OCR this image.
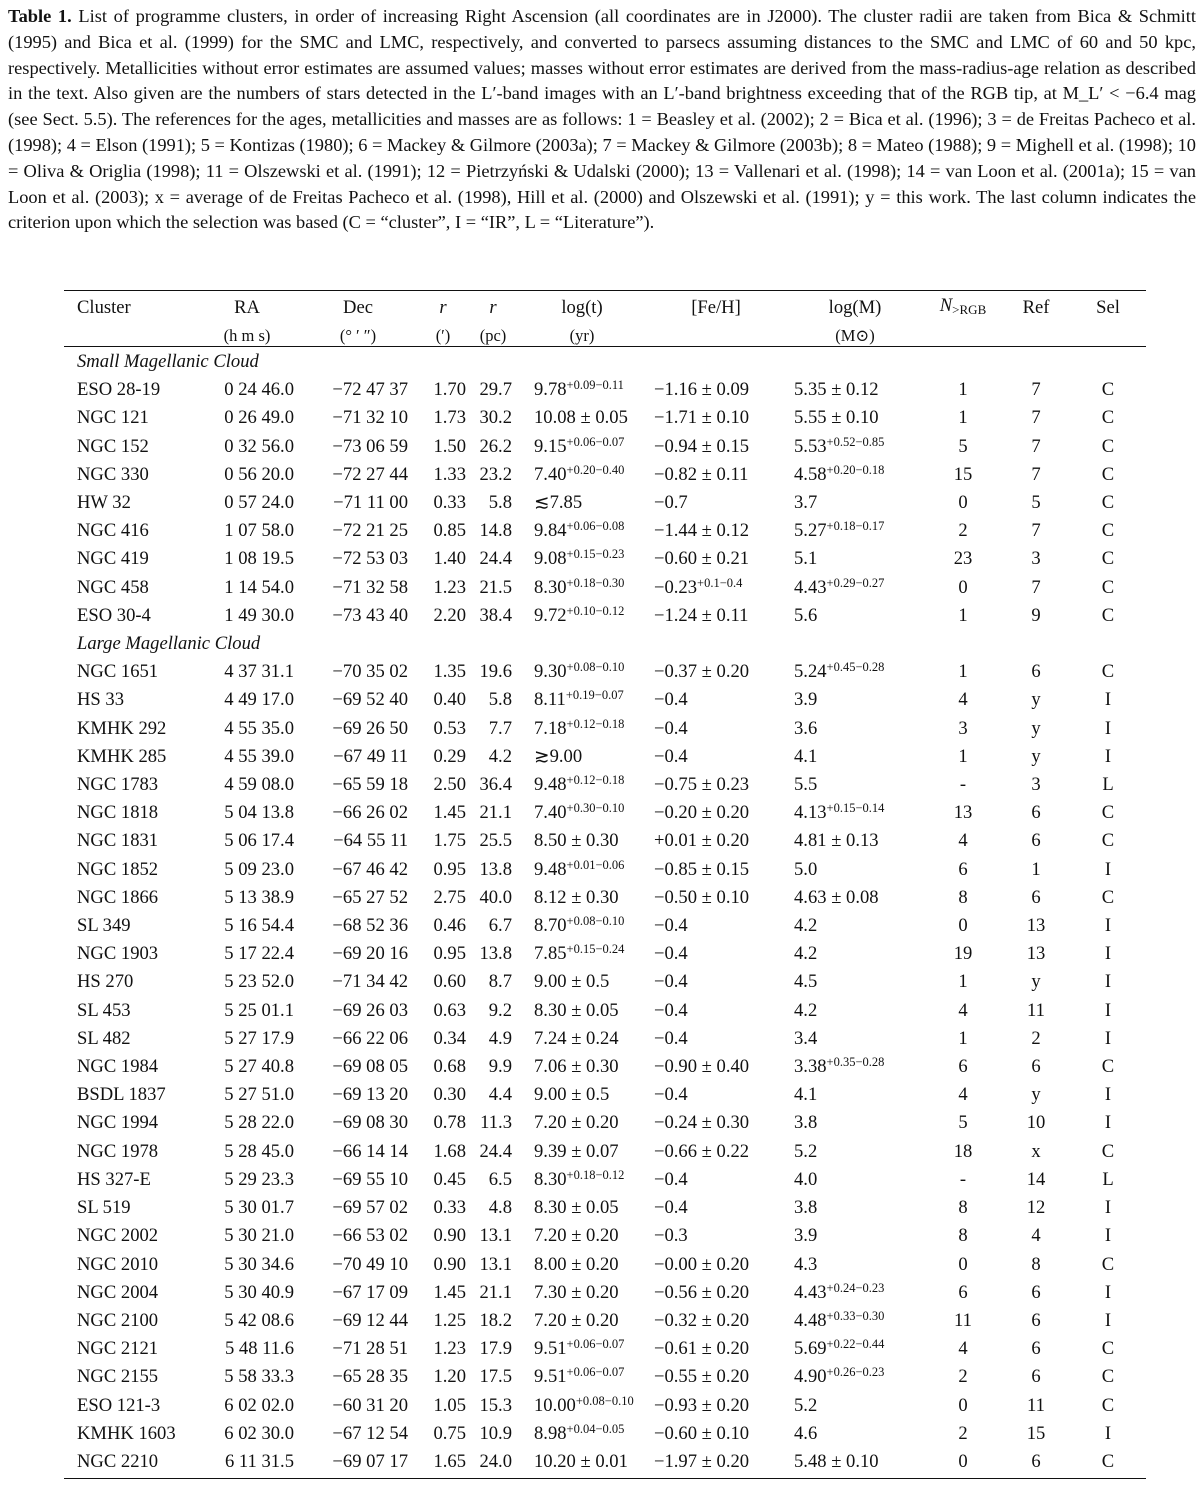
Table 1. List of programme clusters, in order of increasing Right Ascension (all coordinates are in J2000). The cluster radii are taken from Bica & Schmitt (1995) and Bica et al. (1999) for the SMC and LMC, respectively, and converted to parsecs assuming distances to the SMC and LMC of 60 and 50 kpc, respectively. Metallicities without error estimates are assumed values; masses without error estimates are derived from the mass-radius-age relation as described in the text. Also given are the numbers of stars detected in the L′-band images with an L′-band brightness exceeding that of the RGB tip, at M_L′ < −6.4 mag (see Sect. 5.5). The references for the ages, metallicities and masses are as follows: 1 = Beasley et al. (2002); 2 = Bica et al. (1996); 3 = de Freitas Pacheco et al. (1998); 4 = Elson (1991); 5 = Kontizas (1980); 6 = Mackey & Gilmore (2003a); 7 = Mackey & Gilmore (2003b); 8 = Mateo (1988); 9 = Mighell et al. (1998); 10 = Oliva & Origlia (1998); 11 = Olszewski et al. (1991); 12 = Pietrzyński & Udalski (2000); 13 = Vallenari et al. (1998); 14 = van Loon et al. (2001a); 15 = van Loon et al. (2003); x = average of de Freitas Pacheco et al. (1998), Hill et al. (2000) and Olszewski et al. (1991); y = this work. The last column indicates the criterion upon which the selection was based (C = “cluster”, I = “IR”, L = “Literature”).
Cluster	RA	Dec	r	r	log(t)	[Fe/H]	log(M)	$N_{>RGB}$	Ref	Sel
	(h m s)	(° ′ ″)	(′)	(pc)	(yr)		(M⊙)			
Small Magellanic Cloud										
ESO 28-19	0 24 46.0	−72 47 37	1.70	29.7	$9.78^{+0.09-0.11}$	−1.16 ± 0.09	5.35 ± 0.12	1	7	C
NGC 121	0 26 49.0	−71 32 10	1.73	30.2	10.08 ± 0.05	−1.71 ± 0.10	5.55 ± 0.10	1	7	C
NGC 152	0 32 56.0	−73 06 59	1.50	26.2	$9.15^{+0.06-0.07}$	−0.94 ± 0.15	$5.53^{+0.52-0.85}$	5	7	C
NGC 330	0 56 20.0	−72 27 44	1.33	23.2	$7.40^{+0.20-0.40}$	−0.82 ± 0.11	$4.58^{+0.20-0.18}$	15	7	C
HW 32	0 57 24.0	−71 11 00	0.33	5.8	≲7.85	−0.7	3.7	0	5	C
NGC 416	1 07 58.0	−72 21 25	0.85	14.8	$9.84^{+0.06-0.08}$	−1.44 ± 0.12	$5.27^{+0.18-0.17}$	2	7	C
NGC 419	1 08 19.5	−72 53 03	1.40	24.4	$9.08^{+0.15-0.23}$	−0.60 ± 0.21	5.1	23	3	C
NGC 458	1 14 54.0	−71 32 58	1.23	21.5	$8.30^{+0.18-0.30}$	$-0.23^{+0.1-0.4}$	$4.43^{+0.29-0.27}$	0	7	C
ESO 30-4	1 49 30.0	−73 43 40	2.20	38.4	$9.72^{+0.10-0.12}$	−1.24 ± 0.11	5.6	1	9	C
Large Magellanic Cloud										
NGC 1651	4 37 31.1	−70 35 02	1.35	19.6	$9.30^{+0.08-0.10}$	−0.37 ± 0.20	$5.24^{+0.45-0.28}$	1	6	C
HS 33	4 49 17.0	−69 52 40	0.40	5.8	$8.11^{+0.19-0.07}$	−0.4	3.9	4	y	I
KMHK 292	4 55 35.0	−69 26 50	0.53	7.7	$7.18^{+0.12-0.18}$	−0.4	3.6	3	y	I
KMHK 285	4 55 39.0	−67 49 11	0.29	4.2	≳9.00	−0.4	4.1	1	y	I
NGC 1783	4 59 08.0	−65 59 18	2.50	36.4	$9.48^{+0.12-0.18}$	−0.75 ± 0.23	5.5	-	3	L
NGC 1818	5 04 13.8	−66 26 02	1.45	21.1	$7.40^{+0.30-0.10}$	−0.20 ± 0.20	$4.13^{+0.15-0.14}$	13	6	C
NGC 1831	5 06 17.4	−64 55 11	1.75	25.5	8.50 ± 0.30	+0.01 ± 0.20	4.81 ± 0.13	4	6	C
NGC 1852	5 09 23.0	−67 46 42	0.95	13.8	$9.48^{+0.01-0.06}$	−0.85 ± 0.15	5.0	6	1	I
NGC 1866	5 13 38.9	−65 27 52	2.75	40.0	8.12 ± 0.30	−0.50 ± 0.10	4.63 ± 0.08	8	6	C
SL 349	5 16 54.4	−68 52 36	0.46	6.7	$8.70^{+0.08-0.10}$	−0.4	4.2	0	13	I
NGC 1903	5 17 22.4	−69 20 16	0.95	13.8	$7.85^{+0.15-0.24}$	−0.4	4.2	19	13	I
HS 270	5 23 52.0	−71 34 42	0.60	8.7	9.00 ± 0.5	−0.4	4.5	1	y	I
SL 453	5 25 01.1	−69 26 03	0.63	9.2	8.30 ± 0.05	−0.4	4.2	4	11	I
SL 482	5 27 17.9	−66 22 06	0.34	4.9	7.24 ± 0.24	−0.4	3.4	1	2	I
NGC 1984	5 27 40.8	−69 08 05	0.68	9.9	7.06 ± 0.30	−0.90 ± 0.40	$3.38^{+0.35-0.28}$	6	6	C
BSDL 1837	5 27 51.0	−69 13 20	0.30	4.4	9.00 ± 0.5	−0.4	4.1	4	y	I
NGC 1994	5 28 22.0	−69 08 30	0.78	11.3	7.20 ± 0.20	−0.24 ± 0.30	3.8	5	10	I
NGC 1978	5 28 45.0	−66 14 14	1.68	24.4	9.39 ± 0.07	−0.66 ± 0.22	5.2	18	x	C
HS 327-E	5 29 23.3	−69 55 10	0.45	6.5	$8.30^{+0.18-0.12}$	−0.4	4.0	-	14	L
SL 519	5 30 01.7	−69 57 02	0.33	4.8	8.30 ± 0.05	−0.4	3.8	8	12	I
NGC 2002	5 30 21.0	−66 53 02	0.90	13.1	7.20 ± 0.20	−0.3	3.9	8	4	I
NGC 2010	5 30 34.6	−70 49 10	0.90	13.1	8.00 ± 0.20	−0.00 ± 0.20	4.3	0	8	C
NGC 2004	5 30 40.9	−67 17 09	1.45	21.1	7.30 ± 0.20	−0.56 ± 0.20	$4.43^{+0.24-0.23}$	6	6	I
NGC 2100	5 42 08.6	−69 12 44	1.25	18.2	7.20 ± 0.20	−0.32 ± 0.20	$4.48^{+0.33-0.30}$	11	6	I
NGC 2121	5 48 11.6	−71 28 51	1.23	17.9	$9.51^{+0.06-0.07}$	−0.61 ± 0.20	$5.69^{+0.22-0.44}$	4	6	C
NGC 2155	5 58 33.3	−65 28 35	1.20	17.5	$9.51^{+0.06-0.07}$	−0.55 ± 0.20	$4.90^{+0.26-0.23}$	2	6	C
ESO 121-3	6 02 02.0	−60 31 20	1.05	15.3	$10.00^{+0.08-0.10}$	−0.93 ± 0.20	5.2	0	11	C
KMHK 1603	6 02 30.0	−67 12 54	0.75	10.9	$8.98^{+0.04-0.05}$	−0.60 ± 0.10	4.6	2	15	I
NGC 2210	6 11 31.5	−69 07 17	1.65	24.0	10.20 ± 0.01	−1.97 ± 0.20	5.48 ± 0.10	0	6	C
